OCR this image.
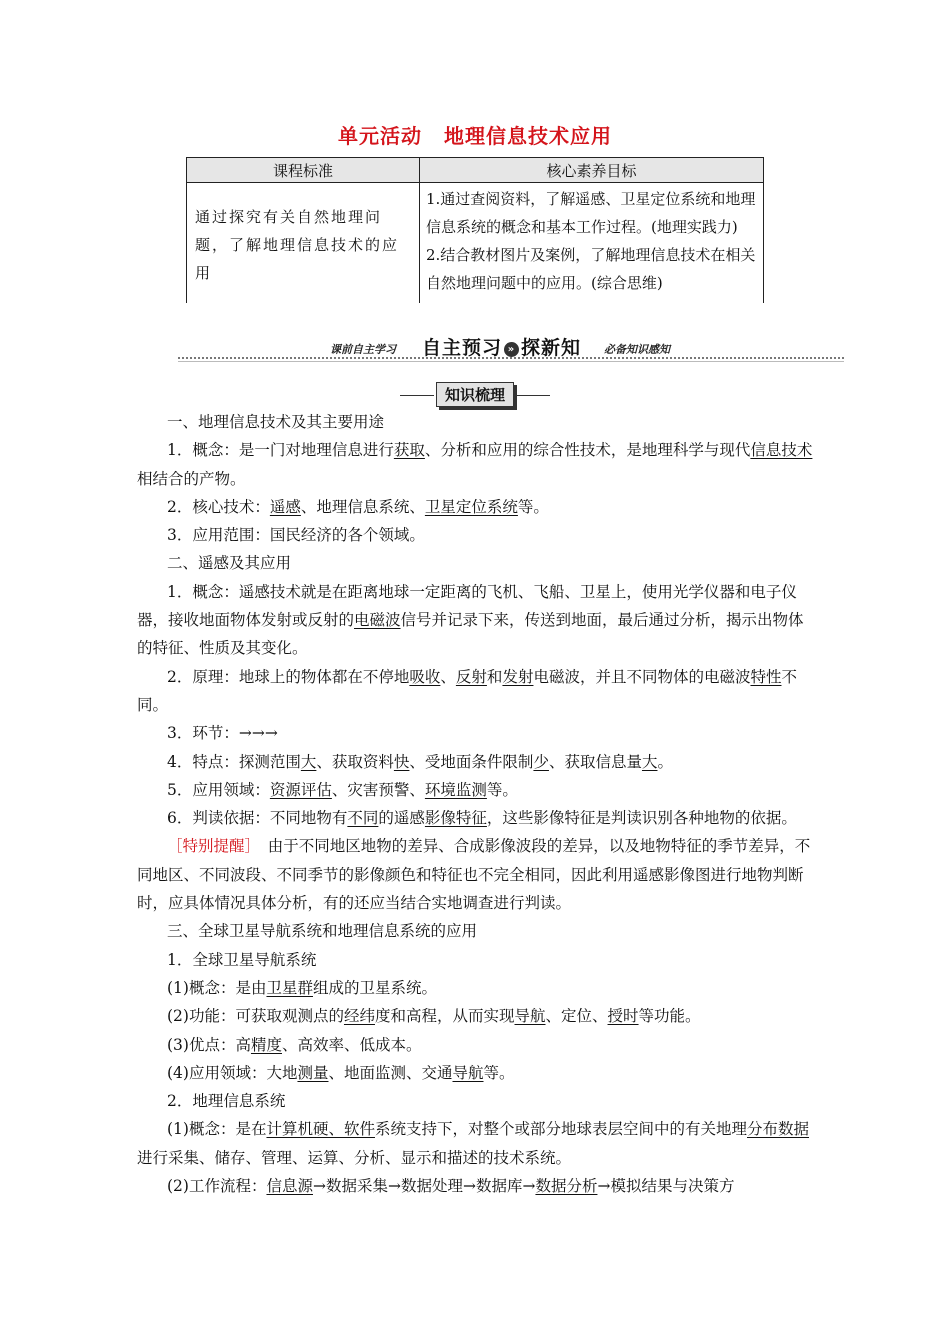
单元活动 地理信息技术应用
课程标准	核心素养目标
通过探究有关自然地理问题，了解地理信息技术的应用	1.通过查阅资料，了解遥感、卫星定位系统和地理信息系统的概念和基本工作过程。(地理实践力)
2.结合教材图片及案例，了解地理信息技术在相关自然地理问题中的应用。(综合思维)
课前自主学习 自主预习 » 探新知 必备知识感知
知识梳理

一、地理信息技术及其主要用途

1．概念：是一门对地理信息进行获取、分析和应用的综合性技术，是地理科学与现代信息技术相结合的产物。

2．核心技术：遥感、地理信息系统、卫星定位系统等。

3．应用范围：国民经济的各个领域。

二、遥感及其应用

1．概念：遥感技术就是在距离地球一定距离的飞机、飞船、卫星上，使用光学仪器和电子仪器，接收地面物体发射或反射的电磁波信号并记录下来，传送到地面，最后通过分析，揭示出物体的特征、性质及其变化。

2．原理：地球上的物体都在不停地吸收、反射和发射电磁波，并且不同物体的电磁波特性不同。

3．环节：→→→

4．特点：探测范围大、获取资料快、受地面条件限制少、获取信息量大。

5．应用领域：资源评估、灾害预警、环境监测等。

6．判读依据：不同地物有不同的遥感影像特征，这些影像特征是判读识别各种地物的依据。

［特别提醒］　由于不同地区地物的差异、合成影像波段的差异，以及地物特征的季节差异，不同地区、不同波段、不同季节的影像颜色和特征也不完全相同，因此利用遥感影像图进行地物判断时，应具体情况具体分析，有的还应当结合实地调查进行判读。

三、全球卫星导航系统和地理信息系统的应用

1．全球卫星导航系统

(1)概念：是由卫星群组成的卫星系统。

(2)功能：可获取观测点的经纬度和高程，从而实现导航、定位、授时等功能。

(3)优点：高精度、高效率、低成本。

(4)应用领域：大地测量、地面监测、交通导航等。

2．地理信息系统

(1)概念：是在计算机硬、软件系统支持下，对整个或部分地球表层空间中的有关地理分布数据进行采集、储存、管理、运算、分析、显示和描述的技术系统。

(2)工作流程：信息源→数据采集→数据处理→数据库→数据分析→模拟结果与决策方
